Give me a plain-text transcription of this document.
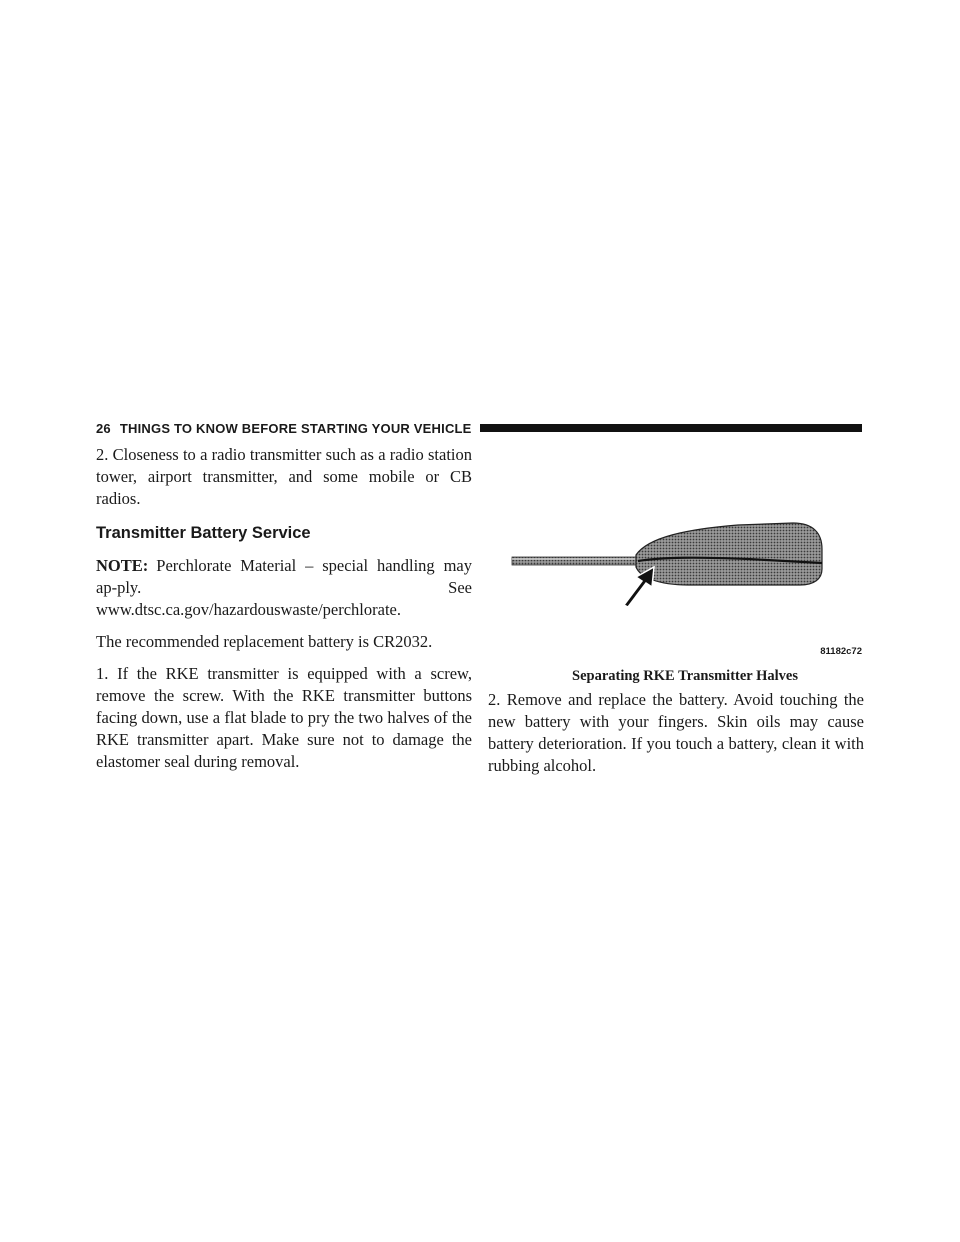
26 THINGS TO KNOW BEFORE STARTING YOUR VEHICLE

2. Closeness to a radio transmitter such as a radio station tower, airport transmitter, and some mobile or CB radios.

Transmitter Battery Service

NOTE: Perchlorate Material – special handling may ap-ply. See www.dtsc.ca.gov/hazardouswaste/perchlorate.

The recommended replacement battery is CR2032.

1. If the RKE transmitter is equipped with a screw, remove the screw. With the RKE transmitter buttons facing down, use a flat blade to pry the two halves of the RKE transmitter apart. Make sure not to damage the elastomer seal during removal.

81182c72

Separating RKE Transmitter Halves

2. Remove and replace the battery. Avoid touching the new battery with your fingers. Skin oils may cause battery deterioration. If you touch a battery, clean it with rubbing alcohol.
